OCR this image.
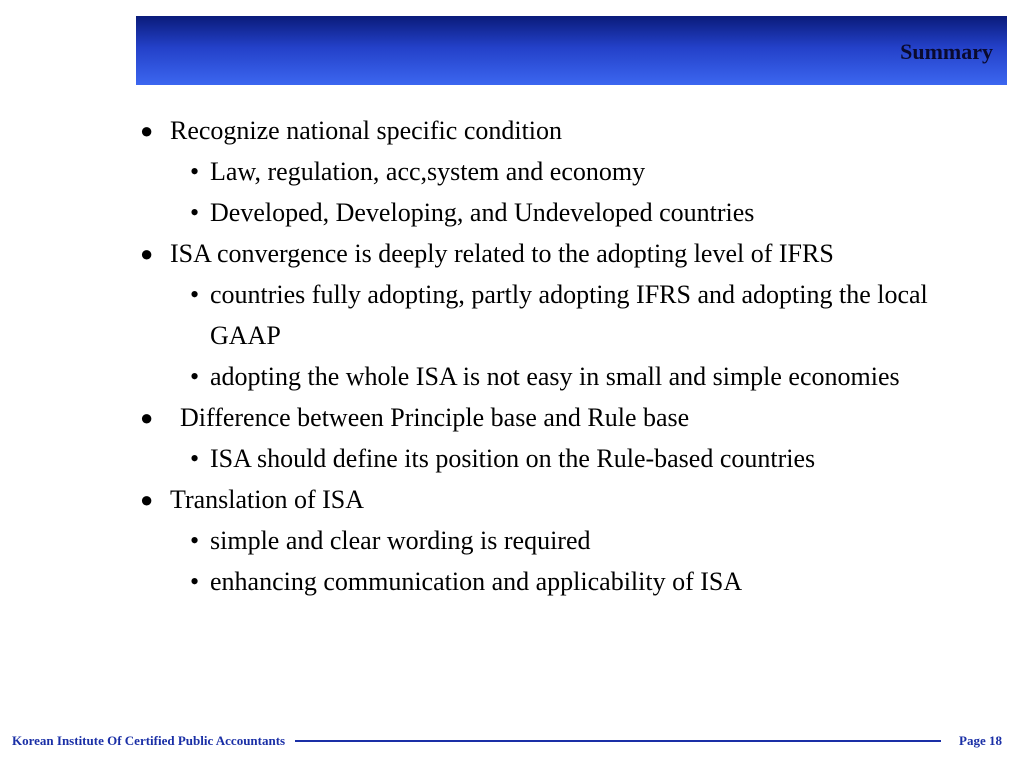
Summary
● Recognize national specific condition
• Law, regulation, acc,system and economy
• Developed, Developing, and Undeveloped countries
● ISA convergence is deeply related to the adopting level of IFRS
• countries fully adopting, partly adopting IFRS and adopting the local GAAP
• adopting the whole ISA is not easy in small and simple economies
●	Difference between Principle base and Rule base
• ISA should define its position on the Rule-based countries
● Translation of ISA
• simple and clear wording is required
• enhancing communication and applicability of ISA
Korean Institute Of Certified Public Accountants	Page 18
